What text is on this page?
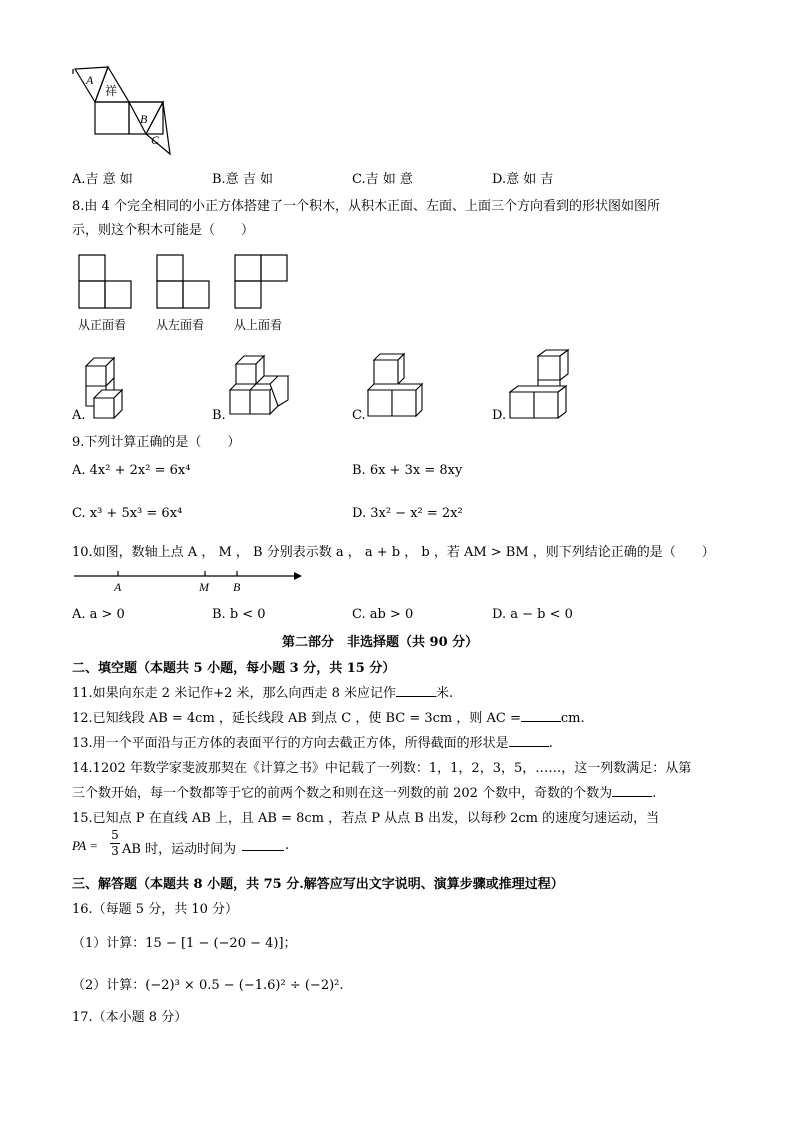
A
祥
B
C
A.吉 意 如	B.意 吉 如	C.吉 如 意	D.意 如 吉
8.由 4 个完全相同的小正方体搭建了一个积木，从积木正面、左面、上面三个方向看到的形状图如图所
示，则这个积木可能是（　　）
从正面看 从左面看 从上面看
A.	B.	C.	D.
9.下列计算正确的是（　　）
A. 4x² + 2x² = 6x⁴	B. 6x + 3x = 8xy
C. x³ + 5x³ = 6x⁴	D. 3x² − x² = 2x²
10.如图，数轴上点 A ， M ， B 分别表示数 a ， a + b ， b ，若 AM > BM ，则下列结论正确的是（　　）
A	M B
A. a > 0	B. b < 0	C. ab > 0	D. a − b < 0
第二部分　非选择题（共 90 分）
二、填空题（本题共 5 小题，每小题 3 分，共 15 分）
11.如果向东走 2 米记作+2 米，那么向西走 8 米应记作	米.
12.已知线段 AB = 4cm ，延长线段 AB 到点 C ，使 BC = 3cm ，则 AC =	cm.
13.用一个平面沿与正方体的表面平行的方向去截正方体，所得截面的形状是	.
14.1202 年数学家斐波那契在《计算之书》中记载了一列数：1，1，2，3，5，……，这一列数满足：从第
三个数开始，每一个数都等于它的前两个数之和则在这一列数的前 202 个数中，奇数的个数为	.
15.已知点 P 在直线 AB 上，且 AB = 8cm ，若点 P 从点 B 出发，以每秒 2cm 的速度匀速运动，当
PA =
5
3 AB 时，运动时间为	.
三、解答题（本题共 8 小题，共 75 分.解答应写出文字说明、演算步骤或推理过程）
16.（每题 5 分，共 10 分）
（1）计算：15 − [1 − (−20 − 4)]；
（2）计算：(−2)³ × 0.5 − (−1.6)² ÷ (−2)².
17.（本小题 8 分）
